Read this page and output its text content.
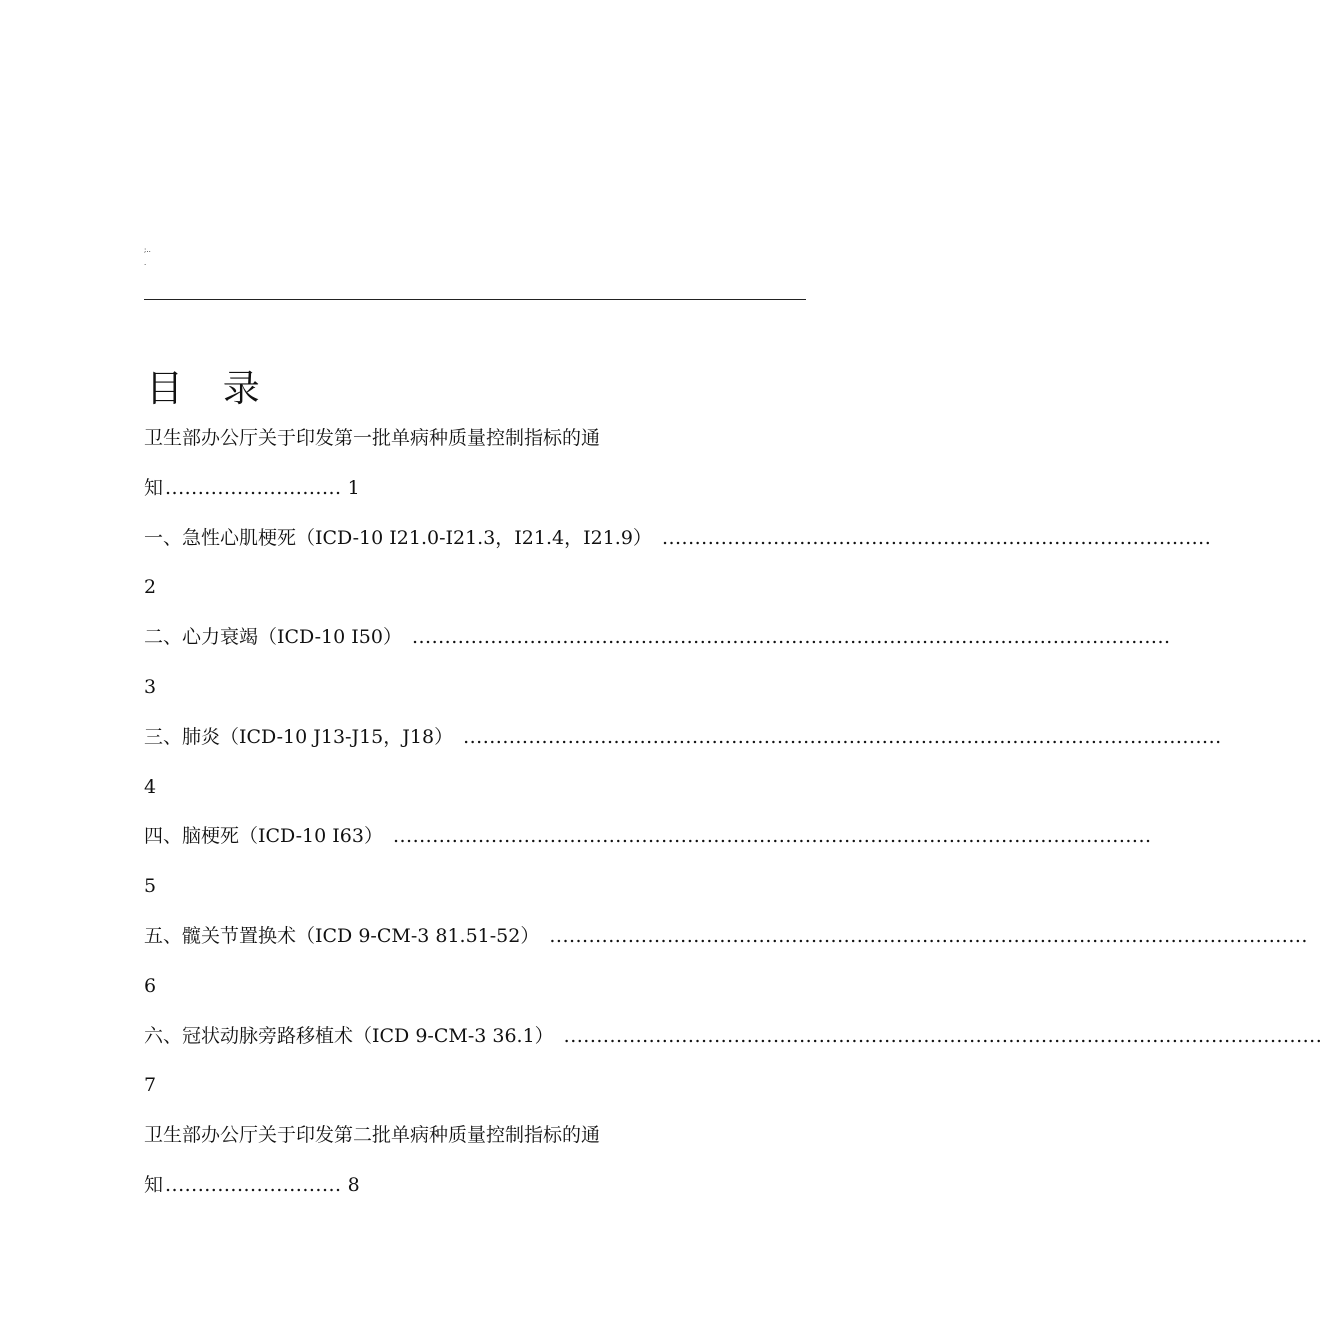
;..
.
目 录
卫生部办公厅关于印发第一批单病种质量控制指标的通
知 ........................... 1
一、急性心肌梗死（ICD-10 I21.0-I21.3，I21.4，I21.9） ....................................................................................
2
二、心力衰竭（ICD-10 I50） ....................................................................................................................
3
三、肺炎（ICD-10 J13-J15，J18） ....................................................................................................................
4
四、脑梗死（ICD-10 I63） ....................................................................................................................
5
五、髋关节置换术（ICD 9-CM-3 81.51-52） ....................................................................................................................
6
六、冠状动脉旁路移植术（ICD 9-CM-3 36.1） ....................................................................................................................
7
卫生部办公厅关于印发第二批单病种质量控制指标的通
知 ........................... 8
